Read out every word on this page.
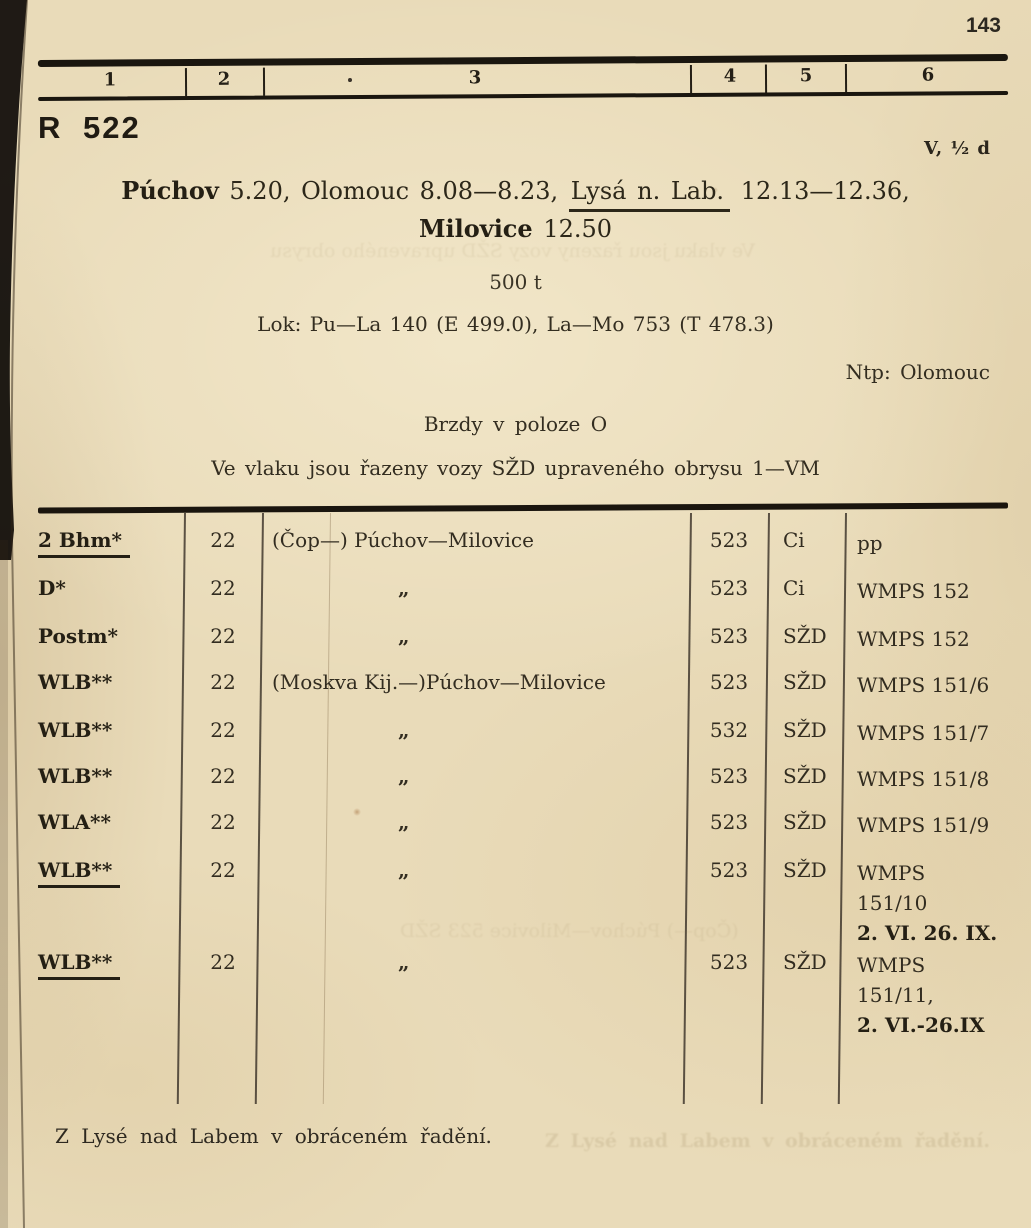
143
1	2	3	4	5	6
R 522
V, ½ d
Púchov 5.20, Olomouc 8.08—8.23, Lysá n. Lab. 12.13—12.36,
Milovice 12.50
500 t
Lok: Pu—La 140 (E 499.0), La—Mo 753 (T 478.3)
Ntp: Olomouc
Brzdy v poloze O
Ve vlaku jsou řazeny vozy SŽD upraveného obrysu 1—VM
2 Bhm*	22	(Čop—) Púchov—Milovice	523	Ci	pp
D*	22	„	523	Ci	WMPS 152
Postm*	22	„	523	SŽD	WMPS 152
WLB**	22	(Moskva Kij.—)Púchov—Milovice	523	SŽD	WMPS 151/6
WLB**	22	„	532	SŽD	WMPS 151/7
WLB**	22	„	523	SŽD	WMPS 151/8
WLA**	22	„	523	SŽD	WMPS 151/9
WLB**	22	„	523	SŽD	WMPS
151/10
2. VI. 26. IX.
WLB**	22	„	523	SŽD	WMPS
151/11,
2. VI.-26.IX
Z Lysé nad Labem v obráceném řadění.
Ve vlaku jsou řazeny vozy SŽD upraveného obrysu
(Čop—) Púchov—Milovice 523 SŽD
Z Lysé nad Labem v obráceném řadění.
